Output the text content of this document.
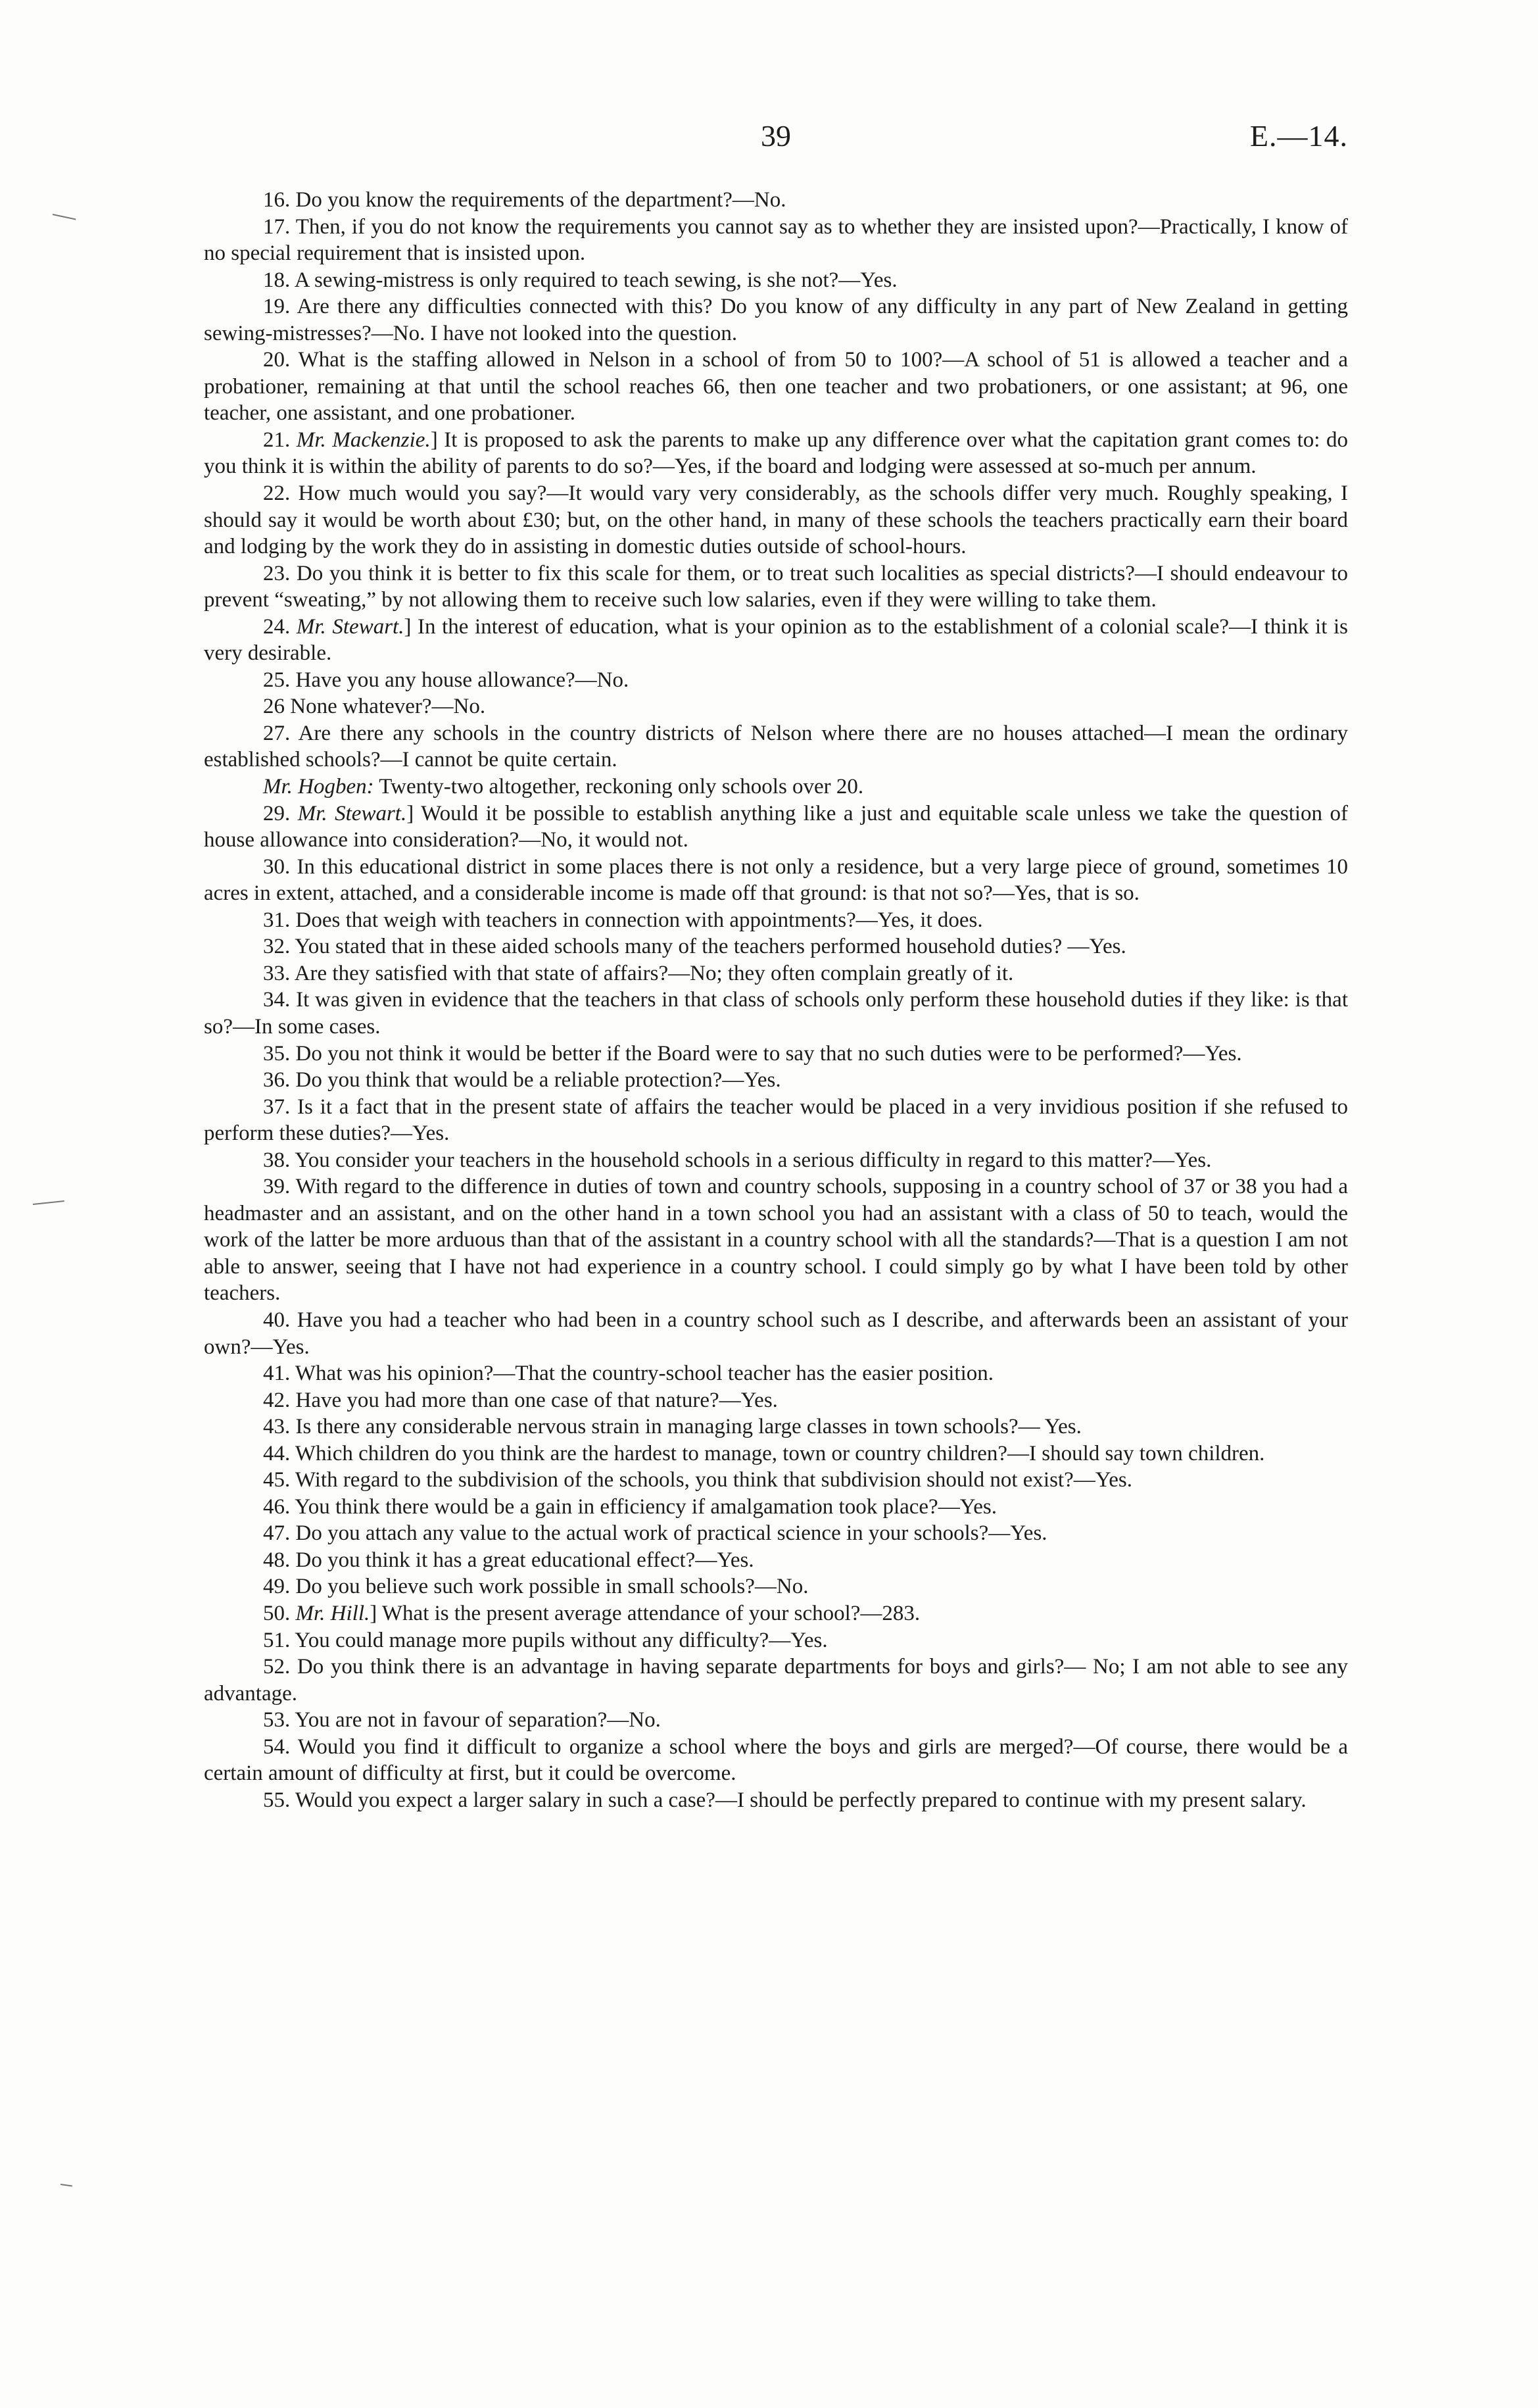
39	E.—14.

16. Do you know the requirements of the department?—No.

17. Then, if you do not know the requirements you cannot say as to whether they are insisted upon?—Practically, I know of no special requirement that is insisted upon.

18. A sewing-mistress is only required to teach sewing, is she not?—Yes.

19. Are there any difficulties connected with this? Do you know of any difficulty in any part of New Zealand in getting sewing-mistresses?—No. I have not looked into the question.

20. What is the staffing allowed in Nelson in a school of from 50 to 100?—A school of 51 is allowed a teacher and a probationer, remaining at that until the school reaches 66, then one teacher and two probationers, or one assistant; at 96, one teacher, one assistant, and one probationer.

21. Mr. Mackenzie.] It is proposed to ask the parents to make up any difference over what the capitation grant comes to: do you think it is within the ability of parents to do so?—Yes, if the board and lodging were assessed at so-much per annum.

22. How much would you say?—It would vary very considerably, as the schools differ very much. Roughly speaking, I should say it would be worth about £30; but, on the other hand, in many of these schools the teachers practically earn their board and lodging by the work they do in assisting in domestic duties outside of school-hours.

23. Do you think it is better to fix this scale for them, or to treat such localities as special districts?—I should endeavour to prevent “sweating,” by not allowing them to receive such low salaries, even if they were willing to take them.

24. Mr. Stewart.] In the interest of education, what is your opinion as to the establishment of a colonial scale?—I think it is very desirable.

25. Have you any house allowance?—No.

26 None whatever?—No.

27. Are there any schools in the country districts of Nelson where there are no houses attached—I mean the ordinary established schools?—I cannot be quite certain.

Mr. Hogben: Twenty-two altogether, reckoning only schools over 20.

29. Mr. Stewart.] Would it be possible to establish anything like a just and equitable scale unless we take the question of house allowance into consideration?—No, it would not.

30. In this educational district in some places there is not only a residence, but a very large piece of ground, sometimes 10 acres in extent, attached, and a considerable income is made off that ground: is that not so?—Yes, that is so.

31. Does that weigh with teachers in connection with appointments?—Yes, it does.

32. You stated that in these aided schools many of the teachers performed household duties? —Yes.

33. Are they satisfied with that state of affairs?—No; they often complain greatly of it.

34. It was given in evidence that the teachers in that class of schools only perform these household duties if they like: is that so?—In some cases.

35. Do you not think it would be better if the Board were to say that no such duties were to be performed?—Yes.

36. Do you think that would be a reliable protection?—Yes.

37. Is it a fact that in the present state of affairs the teacher would be placed in a very invidious position if she refused to perform these duties?—Yes.

38. You consider your teachers in the household schools in a serious difficulty in regard to this matter?—Yes.

39. With regard to the difference in duties of town and country schools, supposing in a country school of 37 or 38 you had a headmaster and an assistant, and on the other hand in a town school you had an assistant with a class of 50 to teach, would the work of the latter be more arduous than that of the assistant in a country school with all the standards?—That is a question I am not able to answer, seeing that I have not had experience in a country school. I could simply go by what I have been told by other teachers.

40. Have you had a teacher who had been in a country school such as I describe, and afterwards been an assistant of your own?—Yes.

41. What was his opinion?—That the country-school teacher has the easier position.

42. Have you had more than one case of that nature?—Yes.

43. Is there any considerable nervous strain in managing large classes in town schools?— Yes.

44. Which children do you think are the hardest to manage, town or country children?—I should say town children.

45. With regard to the subdivision of the schools, you think that subdivision should not exist?—Yes.

46. You think there would be a gain in efficiency if amalgamation took place?—Yes.

47. Do you attach any value to the actual work of practical science in your schools?—Yes.

48. Do you think it has a great educational effect?—Yes.

49. Do you believe such work possible in small schools?—No.

50. Mr. Hill.] What is the present average attendance of your school?—283.

51. You could manage more pupils without any difficulty?—Yes.

52. Do you think there is an advantage in having separate departments for boys and girls?— No; I am not able to see any advantage.

53. You are not in favour of separation?—No.

54. Would you find it difficult to organize a school where the boys and girls are merged?—Of course, there would be a certain amount of difficulty at first, but it could be overcome.

55. Would you expect a larger salary in such a case?—I should be perfectly prepared to continue with my present salary.
